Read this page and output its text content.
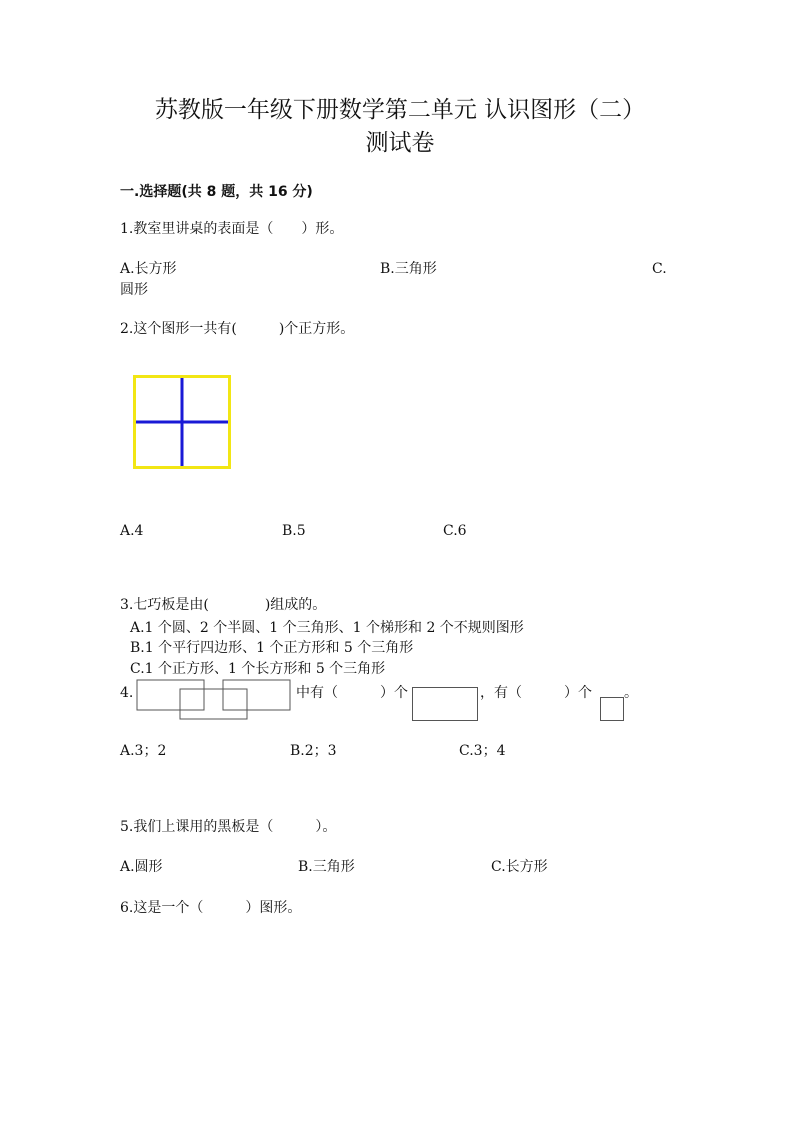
苏教版一年级下册数学第二单元 认识图形（二）
测试卷
一.选择题(共 8 题，共 16 分)
1.教室里讲桌的表面是（　　）形。
A.长方形	B.三角形	C.
圆形
2.这个图形一共有(　　　)个正方形。
A.4	B.5	C.6
3.七巧板是由(　　　　)组成的。
A.1 个圆、2 个半圆、1 个三角形、1 个梯形和 2 个不规则图形
B.1 个平行四边形、1 个正方形和 5 个三角形
C.1 个正方形、1 个长方形和 5 个三角形
4.	中有（　　　）个	，有（　　　）个 。
A.3；2	B.2；3	C.3；4
5.我们上课用的黑板是（　　　）。
A.圆形	B.三角形	C.长方形
6.这是一个（　　　）图形。
